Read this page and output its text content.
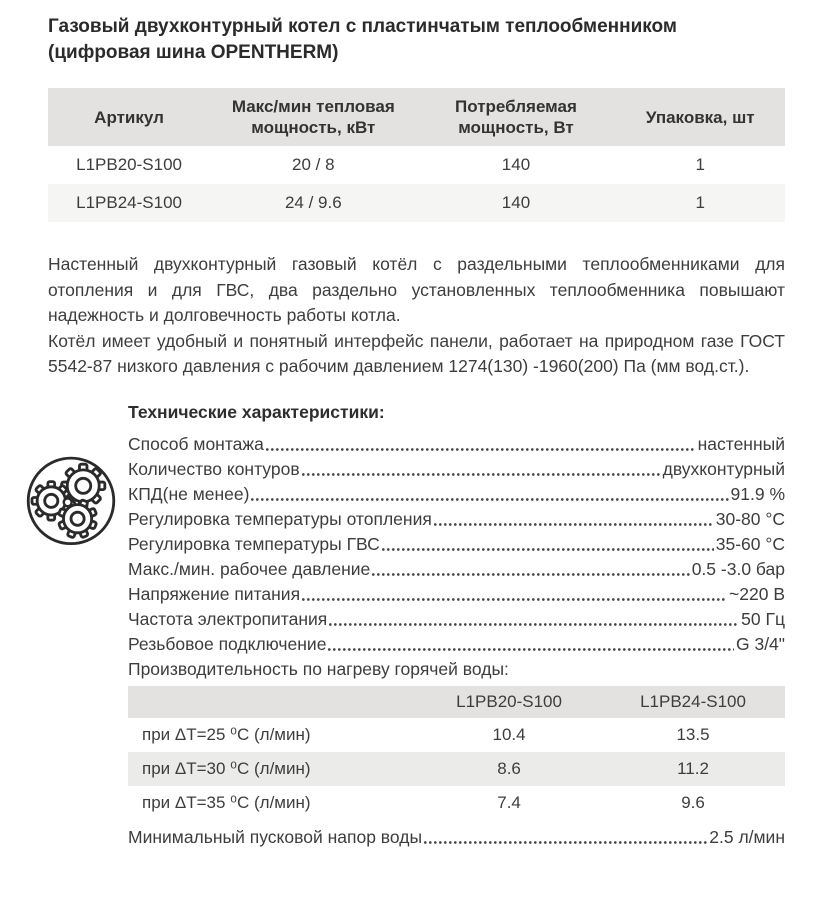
Газовый двухконтурный котел с пластинчатым теплообменником
(цифровая шина OPENTHERM)
Артикул	Макс/мин тепловая мощность, кВт	Потребляемая мощность, Вт	Упаковка, шт
L1PB20-S100	20 / 8	140	1
L1PB24-S100	24 / 9.6	140	1

Настенный двухконтурный газовый котёл с раздельными теплообменниками для отопления и для ГВС, два раздельно установленных теплообменника повышают надежность и долговечность работы котла.

Котёл имеет удобный и понятный интерфейс панели, работает на природном газе ГОСТ 5542-87 низкого давления с рабочим давлением 1274(130) -1960(200) Па (мм вод.ст.).

Технические характеристики:
Способ монтажа	настенный
Количество контуров	двухконтурный
КПД(не менее)	91.9 %
Регулировка температуры отопления	30-80 °C
Регулировка температуры ГВС	35-60 °C
Макс./мин. рабочее давление	0.5 -3.0 бар
Напряжение питания	~220 В
Частота электропитания	50 Гц
Резьбовое подключение	G 3/4"
Производительность по нагреву горячей воды:
	L1PB20-S100	L1PB24-S100
при ΔT=25 ⁰C (л/мин)	10.4	13.5
при ΔT=30 ⁰C (л/мин)	8.6	11.2
при ΔT=35 ⁰C (л/мин)	7.4	9.6
Минимальный пусковой напор воды	2.5 л/мин
